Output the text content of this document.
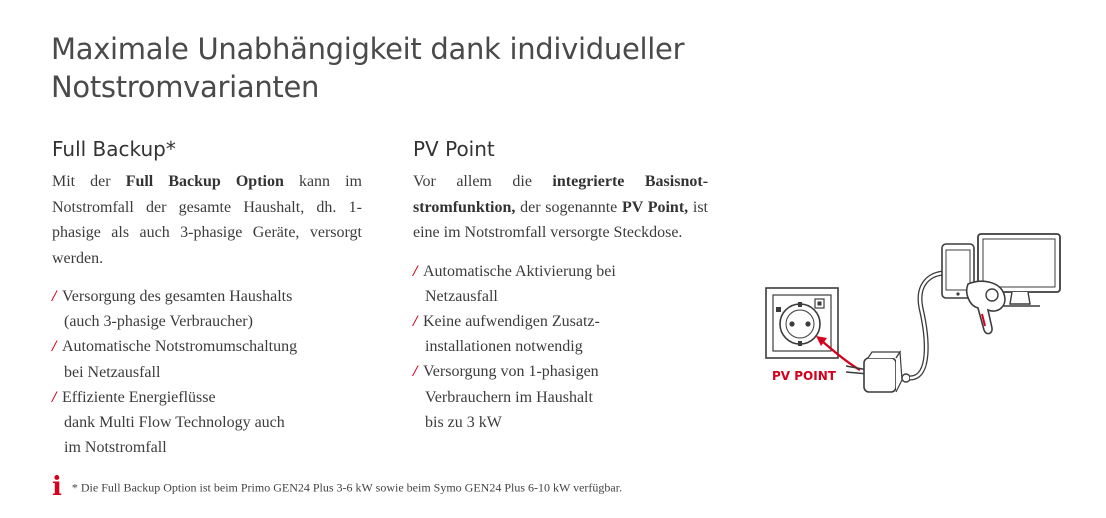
Maximale Unabhängigkeit dank individueller
Notstromvarianten
Full Backup*

Mit der Full Backup Option kann im Notstromfall der gesamte Haushalt, dh. 1-phasige als auch 3-phasige Geräte, versorgt werden.

/ Versorgung des gesamten Haushalts
(auch 3-phasige Verbraucher)
/ Automatische Notstromumschaltung
bei Netzausfall
/ Effiziente Energieflüsse
dank Multi Flow Technology auch
im Notstromfall
PV Point

Vor allem die integrierte Basisnotstromfunktion, der sogenannte PV Point, ist eine im Notstromfall versorgte Steckdose.

/ Automatische Aktivierung bei
Netzausfall
/ Keine aufwendigen Zusatz-
installationen notwendig
/ Versorgung von 1-phasigen
Verbrauchern im Haushalt
bis zu 3 kW
PV POINT
i * Die Full Backup Option ist beim Primo GEN24 Plus 3-6 kW sowie beim Symo GEN24 Plus 6-10 kW verfügbar.
